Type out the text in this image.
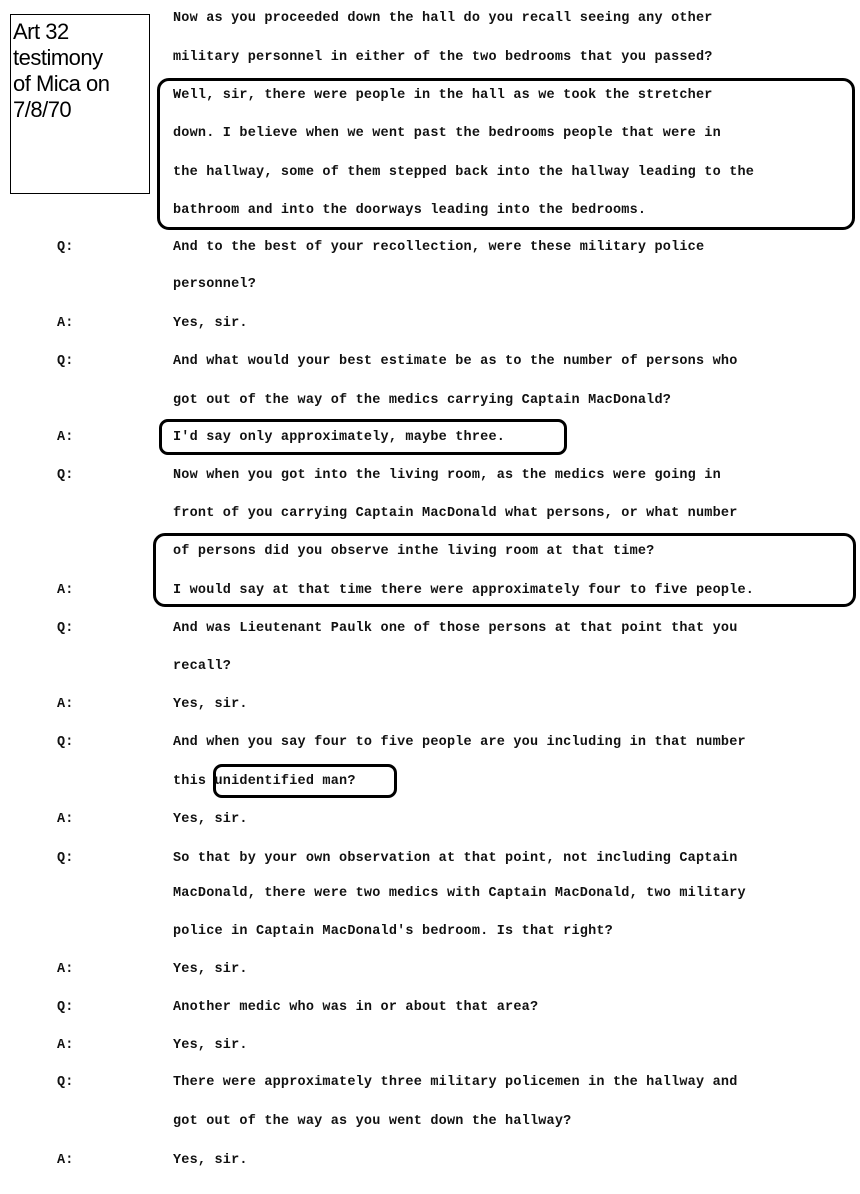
Art 32
testimony
of Mica on
7/8/70
Now as you proceeded down the hall do you recall seeing any other
military personnel in either of the two bedrooms that you passed?
Well, sir, there were people in the hall as we took the stretcher
down. I believe when we went past the bedrooms people that were in
the hallway, some of them stepped back into the hallway leading to the
bathroom and into the doorways leading into the bedrooms.
Q:	And to the best of your recollection, were these military police
personnel?
A:	Yes, sir.
Q:	And what would your best estimate be as to the number of persons who
got out of the way of the medics carrying Captain MacDonald?
A:	I'd say only approximately, maybe three.
Q:	Now when you got into the living room, as the medics were going in
front of you carrying Captain MacDonald what persons, or what number
of persons did you observe inthe living room at that time?
A:	I would say at that time there were approximately four to five people.
Q:	And was Lieutenant Paulk one of those persons at that point that you
recall?
A:	Yes, sir.
Q:	And when you say four to five people are you including in that number
this unidentified man?
A:	Yes, sir.
Q:	So that by your own observation at that point, not including Captain
MacDonald, there were two medics with Captain MacDonald, two military
police in Captain MacDonald's bedroom. Is that right?
A:	Yes, sir.
Q:	Another medic who was in or about that area?
A:	Yes, sir.
Q:	There were approximately three military policemen in the hallway and
got out of the way as you went down the hallway?
A:	Yes, sir.
